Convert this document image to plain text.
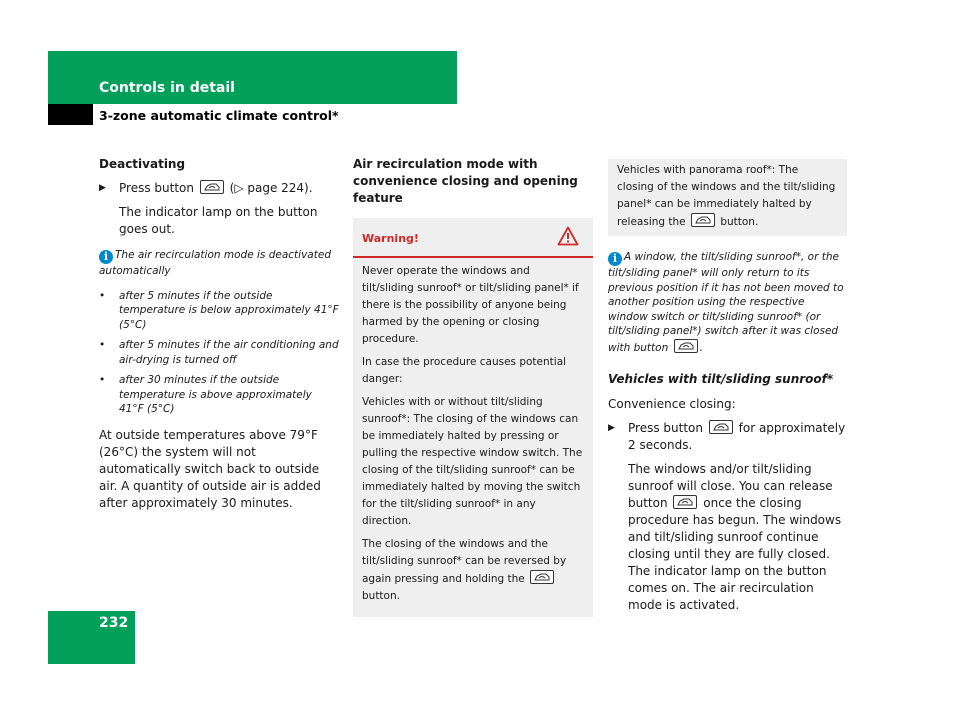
Controls in detail
3-zone automatic climate control*
Deactivating
▶ Press button	(▷ page 224).
The indicator lamp on the button goes out.
i The air recirculation mode is deactivated automatically
• after 5 minutes if the outside temperature is below approximately 41°F (5°C)
• after 5 minutes if the air conditioning and air-drying is turned off
• after 30 minutes if the outside temperature is above approximately 41°F (5°C)
At outside temperatures above 79°F (26°C) the system will not automatically switch back to outside air. A quantity of outside air is added after approximately 30 minutes.
Air recirculation mode with convenience closing and opening feature
Warning!

Never operate the windows and tilt/sliding sunroof* or tilt/sliding panel* if there is the possibility of anyone being harmed by the opening or closing procedure.

In case the procedure causes potential danger:

Vehicles with or without tilt/sliding sunroof*: The closing of the windows can be immediately halted by pressing or pulling the respective window switch. The closing of the tilt/sliding sunroof* can be immediately halted by moving the switch for the tilt/sliding sunroof* in any direction.

The closing of the windows and the tilt/sliding sunroof* can be reversed by again pressing and holding the
button.

Vehicles with panorama roof*: The closing of the windows and the tilt/sliding panel* can be immediately halted by releasing the	button.
i A window, the tilt/sliding sunroof*, or the tilt/sliding panel* will only return to its previous position if it has not been moved to another position using the respective window switch or tilt/sliding sunroof* (or tilt/sliding panel*) switch after it was closed with button	.
Vehicles with tilt/sliding sunroof*
Convenience closing:
▶ Press button	for approximately 2 seconds.
The windows and/or tilt/sliding sunroof will close. You can release button	once the closing procedure has begun. The windows and tilt/sliding sunroof continue closing until they are fully closed. The indicator lamp on the button comes on. The air recirculation mode is activated.
232
